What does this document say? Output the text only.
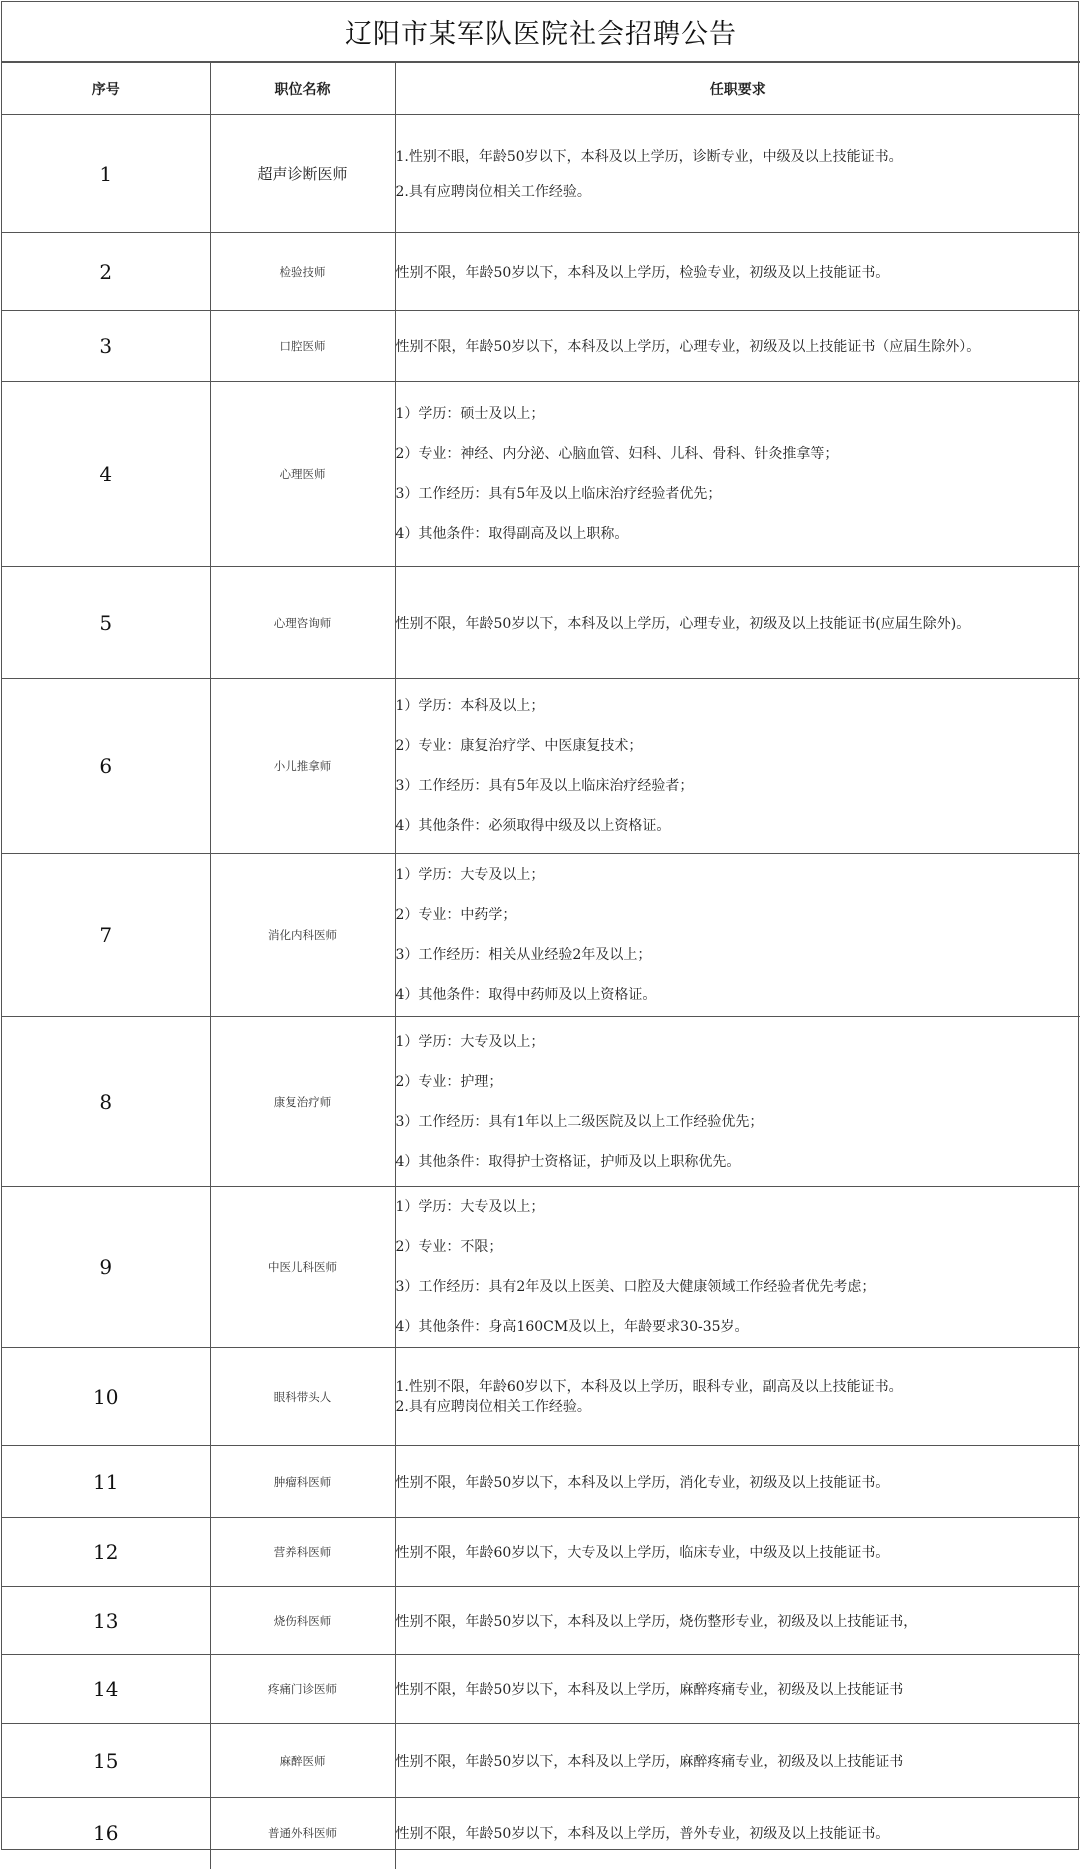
辽阳市某军队医院社会招聘公告
序号	职位名称	任职要求
1	超声诊断医师	1.性别不眼，年龄50岁以下，本科及以上学历，诊断专业，中级及以上技能证书。
2.具有应聘岗位相关工作经验。

2	检验技师	性别不限，年龄50岁以下，本科及以上学历，检验专业，初级及以上技能证书。

3	口腔医师	性别不限，年龄50岁以下，本科及以上学历，心理专业，初级及以上技能证书（应届生除外）。

4	心理医师	1）学历：硕士及以上；
2）专业：神经、内分泌、心脑血管、妇科、儿科、骨科、针灸推拿等；
3）工作经历：具有5年及以上临床治疗经验者优先；
4）其他条件：取得副高及以上职称。

5	心理咨询师	性别不限，年龄50岁以下，本科及以上学历，心理专业，初级及以上技能证书(应届生除外)。

6	小儿推拿师	1）学历：本科及以上；
2）专业：康复治疗学、中医康复技术；
3）工作经历：具有5年及以上临床治疗经验者；
4）其他条件：必须取得中级及以上资格证。

7	消化内科医师	1）学历：大专及以上；
2）专业：中药学；
3）工作经历：相关从业经验2年及以上；
4）其他条件：取得中药师及以上资格证。

8	康复治疗师	1）学历：大专及以上；
2）专业：护理；
3）工作经历：具有1年以上二级医院及以上工作经验优先；
4）其他条件：取得护士资格证，护师及以上职称优先。

9	中医儿科医师	1）学历：大专及以上；
2）专业：不限；
3）工作经历：具有2年及以上医美、口腔及大健康领域工作经验者优先考虑；
4）其他条件：身高160CM及以上，年龄要求30-35岁。

10	眼科带头人	1.性别不限，年龄60岁以下，本科及以上学历，眼科专业，副高及以上技能证书。
2.具有应聘岗位相关工作经验。

11	肿瘤科医师	性别不限，年龄50岁以下，本科及以上学历，消化专业，初级及以上技能证书。

12	营养科医师	性别不限，年龄60岁以下，大专及以上学历，临床专业，中级及以上技能证书。

13	烧伤科医师	性别不限，年龄50岁以下，本科及以上学历，烧伤整形专业，初级及以上技能证书，

14	疼痛门诊医师	性别不限，年龄50岁以下，本科及以上学历，麻醉疼痛专业，初级及以上技能证书

15	麻醉医师	性别不限，年龄50岁以下，本科及以上学历，麻醉疼痛专业，初级及以上技能证书

16	普通外科医师	性别不限，年龄50岁以下，本科及以上学历，普外专业，初级及以上技能证书。
